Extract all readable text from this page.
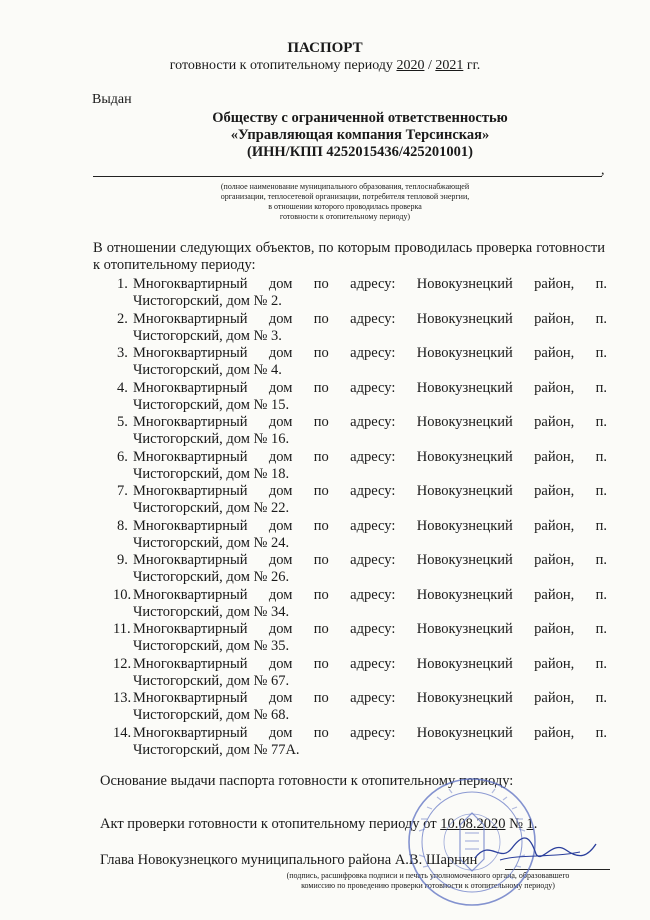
ПАСПОРТ
готовности к отопительному периоду 2020 / 2021 гг.
Выдан
Обществу с ограниченной ответственностью
«Управляющая компания Терсинская»
(ИНН/КПП 4252015436/425201001)
,
(полное наименование муниципального образования, теплоснабжающей
организации, теплосетевой организации, потребителя тепловой энергии,
в отношении которого проводилась проверка
готовности к отопительному периоду)
В отношении следующих объектов, по которым проводилась проверка готовности к отопительному периоду:
1. Многоквартирный дом по адресу: Новокузнецкий район, п.
Чистогорский, дом № 2.
2. Многоквартирный дом по адресу: Новокузнецкий район, п.
Чистогорский, дом № 3.
3. Многоквартирный дом по адресу: Новокузнецкий район, п.
Чистогорский, дом № 4.
4. Многоквартирный дом по адресу: Новокузнецкий район, п.
Чистогорский, дом № 15.
5. Многоквартирный дом по адресу: Новокузнецкий район, п.
Чистогорский, дом № 16.
6. Многоквартирный дом по адресу: Новокузнецкий район, п.
Чистогорский, дом № 18.
7. Многоквартирный дом по адресу: Новокузнецкий район, п.
Чистогорский, дом № 22.
8. Многоквартирный дом по адресу: Новокузнецкий район, п.
Чистогорский, дом № 24.
9. Многоквартирный дом по адресу: Новокузнецкий район, п.
Чистогорский, дом № 26.
10. Многоквартирный дом по адресу: Новокузнецкий район, п.
Чистогорский, дом № 34.
11. Многоквартирный дом по адресу: Новокузнецкий район, п.
Чистогорский, дом № 35.
12. Многоквартирный дом по адресу: Новокузнецкий район, п.
Чистогорский, дом № 67.
13. Многоквартирный дом по адресу: Новокузнецкий район, п.
Чистогорский, дом № 68.
14. Многоквартирный дом по адресу: Новокузнецкий район, п.
Чистогорский, дом № 77А.
Основание выдачи паспорта готовности к отопительному периоду:
Акт проверки готовности к отопительному периоду от 10.08.2020 № 1.
Глава Новокузнецкого муниципального района А.В. Шарнин
(подпись, расшифровка подписи и печать уполномоченного органа, образовавшего
комиссию по проведению проверки готовности к отопительному периоду)
